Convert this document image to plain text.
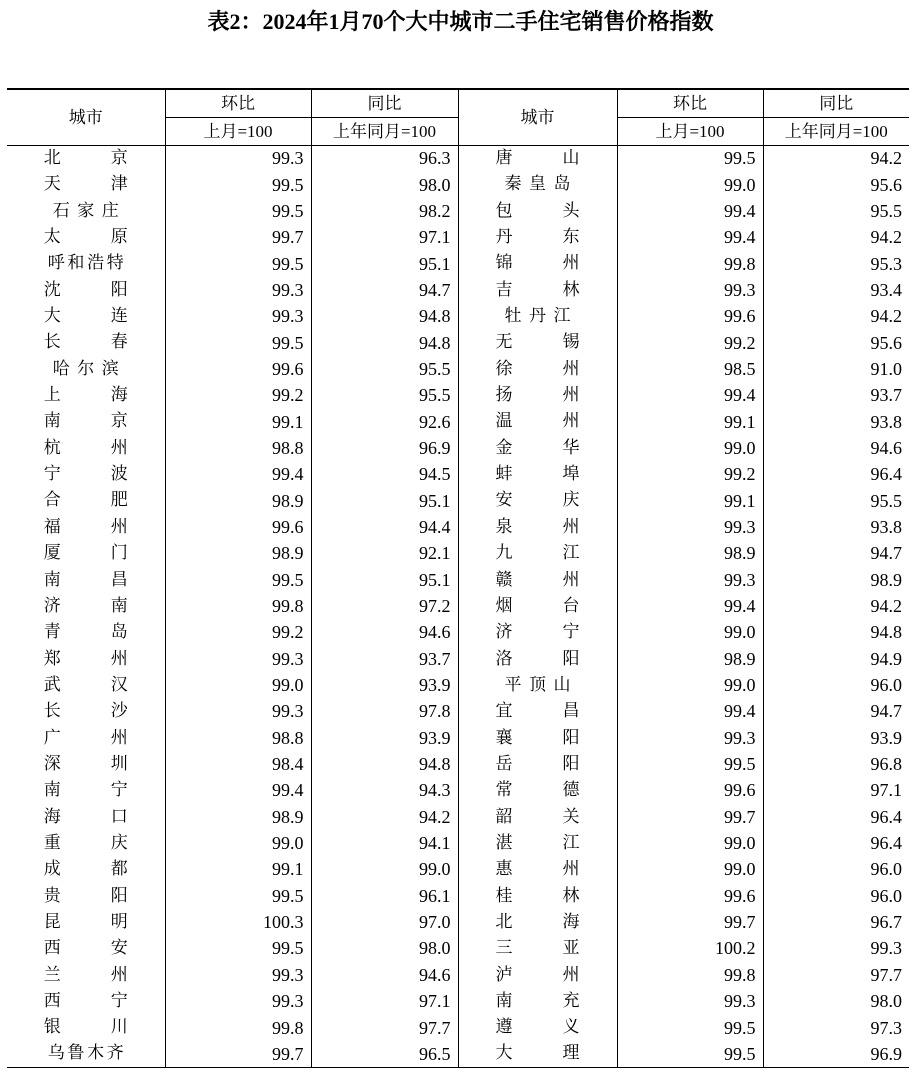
表2：2024年1月70个大中城市二手住宅销售价格指数
城市	环比	同比	城市	环比	同比
	上月=100	上年同月=100		上月=100	上年同月=100

北 京	99.3	96.3	唐 山	99.5	94.2

天 津	99.5	98.0	秦 皇 岛	99.0	95.6

石 家 庄	99.5	98.2	包 头	99.4	95.5

太 原	99.7	97.1	丹 东	99.4	94.2

呼 和 浩 特	99.5	95.1	锦 州	99.8	95.3

沈 阳	99.3	94.7	吉 林	99.3	93.4

大 连	99.3	94.8	牡 丹 江	99.6	94.2

长 春	99.5	94.8	无 锡	99.2	95.6

哈 尔 滨	99.6	95.5	徐 州	98.5	91.0

上 海	99.2	95.5	扬 州	99.4	93.7

南 京	99.1	92.6	温 州	99.1	93.8

杭 州	98.8	96.9	金 华	99.0	94.6

宁 波	99.4	94.5	蚌 埠	99.2	96.4

合 肥	98.9	95.1	安 庆	99.1	95.5

福 州	99.6	94.4	泉 州	99.3	93.8

厦 门	98.9	92.1	九 江	98.9	94.7

南 昌	99.5	95.1	赣 州	99.3	98.9

济 南	99.8	97.2	烟 台	99.4	94.2

青 岛	99.2	94.6	济 宁	99.0	94.8

郑 州	99.3	93.7	洛 阳	98.9	94.9

武 汉	99.0	93.9	平 顶 山	99.0	96.0

长 沙	99.3	97.8	宜 昌	99.4	94.7

广 州	98.8	93.9	襄 阳	99.3	93.9

深 圳	98.4	94.8	岳 阳	99.5	96.8

南 宁	99.4	94.3	常 德	99.6	97.1

海 口	98.9	94.2	韶 关	99.7	96.4

重 庆	99.0	94.1	湛 江	99.0	96.4

成 都	99.1	99.0	惠 州	99.0	96.0

贵 阳	99.5	96.1	桂 林	99.6	96.0

昆 明	100.3	97.0	北 海	99.7	96.7

西 安	99.5	98.0	三 亚	100.2	99.3

兰 州	99.3	94.6	泸 州	99.8	97.7

西 宁	99.3	97.1	南 充	99.3	98.0

银 川	99.8	97.7	遵 义	99.5	97.3

乌 鲁 木 齐	99.7	96.5	大 理	99.5	96.9
